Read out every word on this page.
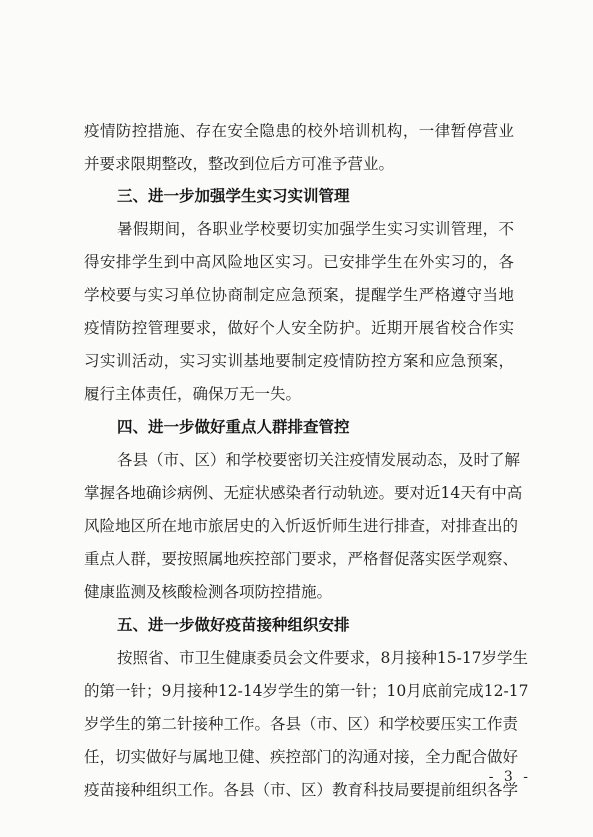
疫情防控措施、存在安全隐患的校外培训机构，一律暂停营业
并要求限期整改，整改到位后方可准予营业。
三、进一步加强学生实习实训管理
暑假期间，各职业学校要切实加强学生实习实训管理，不
得安排学生到中高风险地区实习。已安排学生在外实习的，各
学校要与实习单位协商制定应急预案，提醒学生严格遵守当地
疫情防控管理要求，做好个人安全防护。近期开展省校合作实
习实训活动，实习实训基地要制定疫情防控方案和应急预案，
履行主体责任，确保万无一失。
四、进一步做好重点人群排查管控
各县（市、区）和学校要密切关注疫情发展动态，及时了解
掌握各地确诊病例、无症状感染者行动轨迹。要对近14天有中高
风险地区所在地市旅居史的入忻返忻师生进行排查，对排查出的
重点人群，要按照属地疾控部门要求，严格督促落实医学观察、
健康监测及核酸检测各项防控措施。
五、进一步做好疫苗接种组织安排
按照省、市卫生健康委员会文件要求，8月接种15-17岁学生
的第一针；9月接种12-14岁学生的第一针；10月底前完成12-17
岁学生的第二针接种工作。各县（市、区）和学校要压实工作责
任，切实做好与属地卫健、疾控部门的沟通对接，全力配合做好
疫苗接种组织工作。各县（市、区）教育科技局要提前组织各学
- 3 -
